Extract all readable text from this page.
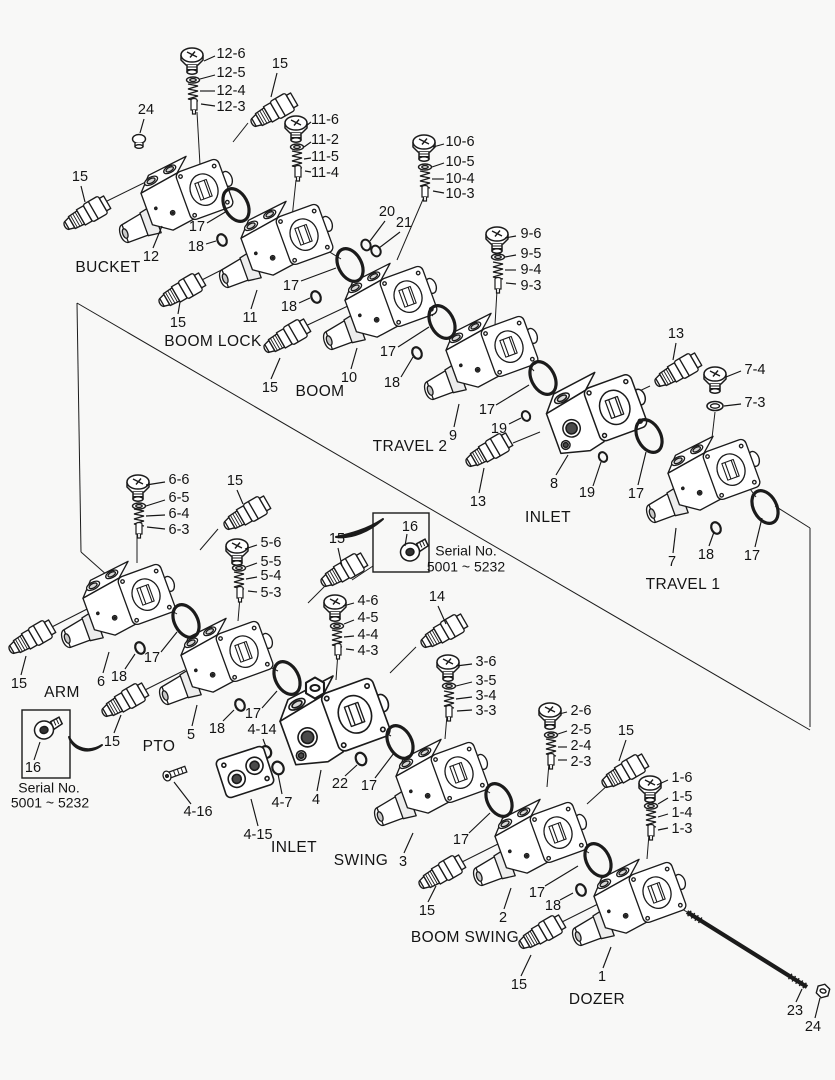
12-6
12-5
12-4
12-3
15
24
11-6
11-2
11-5
11-4
15
17
18
12
BUCKET
11
BOOM LOCK
15
17
18
15 BOOM
10
10-6
10-5
10-4
10-3
20
21
17
18
9-6
9-5
9-4
9-3
9
TRAVEL 2
17
19
13
8
19 17
INLET
13
7-4
7-3
7 18 17
TRAVEL 1
6-6
6-5
6-4
6-3
15
5-6
5-5
5-4
5-3
15
16
Serial No.
5001 ~ 5232
4-6
4-5
4-4
4-3
14
3-6
3-5
3-4
3-3
15
ARM
6 18
17
16
15
Serial No.
5001 ~ 5232
PTO
5 18 4-14
17
4-16
4-15
4-7 4
22 17
INLET
SWING 3
17
2-6
2-5
2-4
2-3
15
1-6
1-5
1-4
1-3
15	2
BOOM SWING
17
18
15	1
DOZER
23
24
